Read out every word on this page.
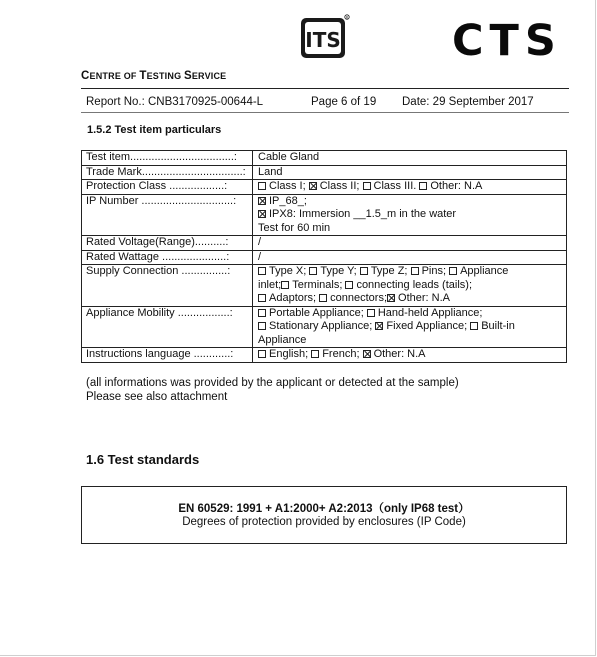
ITS
R CTS
CENTRE OF TESTING SERVICE
Report No.: CNB3170925-00644-L	Page 6 of 19 Date: 29 September 2017
1.5.2 Test item particulars
Test item..................................:	Cable Gland

Trade Mark.................................:	Land

Protection Class ..................:	Class I; Class II; Class III. Other: N.A

IP Number ..............................:	IP_68_;
IPX8: Immersion __1.5_m in the water
Test for 60 min

Rated Voltage(Range)..........:	/

Rated Wattage .....................:	/

Supply Connection ...............:	Type X; Type Y; Type Z; Pins; Appliance
inlet; Terminals; connecting leads (tails);
Adaptors; connectors; Other: N.A

Appliance Mobility .................:	Portable Appliance; Hand-held Appliance;
Stationary Appliance; Fixed Appliance; Built-in
Appliance

Instructions language ............:	English; French; Other: N.A
(all informations was provided by the applicant or detected at the sample)
Please see also attachment
1.6 Test standards
EN 60529: 1991 + A1:2000+ A2:2013（only IP68 test）
Degrees of protection provided by enclosures (IP Code)
